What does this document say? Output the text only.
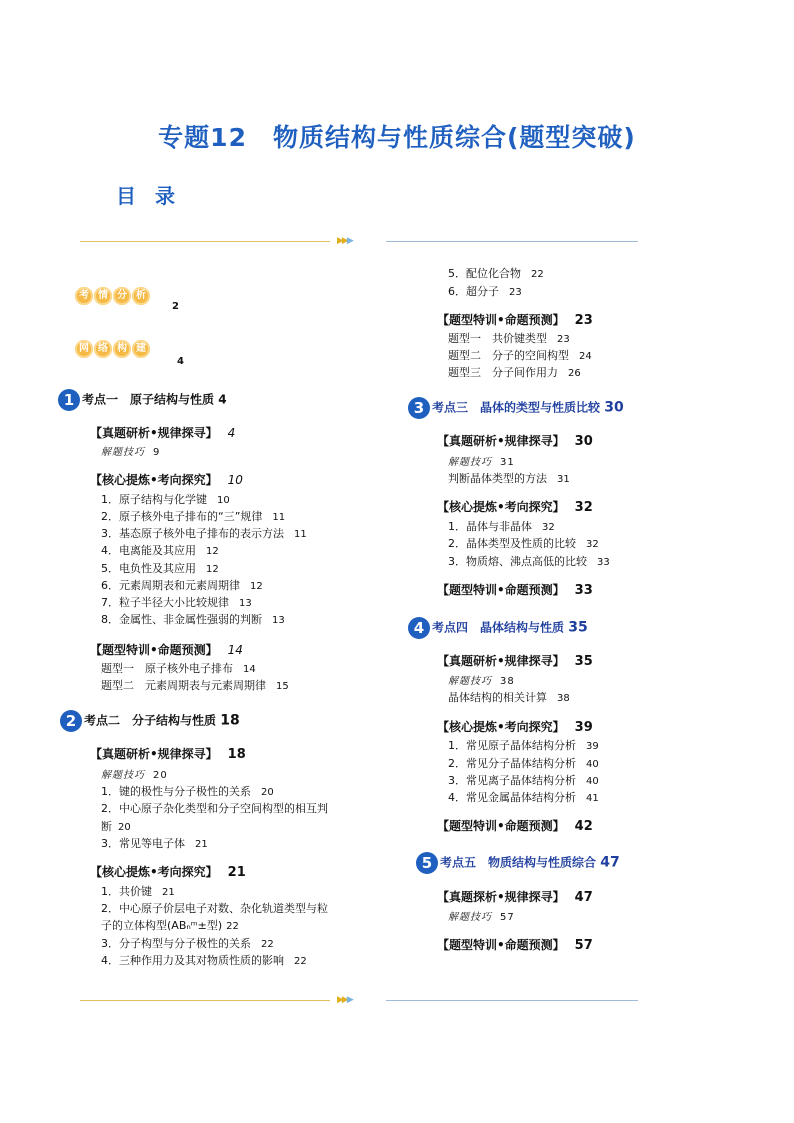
专题12　物质结构与性质综合(题型突破)
目 录
▶▶▶
考 情 分 析
2
网 络 构 建
4
1 考点一　原子结构与性质 4
【真题研析•规律探寻】 4
解题技巧 9
【核心提炼•考向探究】 10
1．原子结构与化学键 10
2．原子核外电子排布的“三”规律 11
3．基态原子核外电子排布的表示方法 11
4．电离能及其应用 12
5．电负性及其应用 12
6．元素周期表和元素周期律 12
7．粒子半径大小比较规律 13
8．金属性、非金属性强弱的判断 13
【题型特训•命题预测】 14
题型一　原子核外电子排布 14
题型二　元素周期表与元素周期律 15
2 考点二　分子结构与性质 18
【真题研析•规律探寻】 18
解题技巧 20
1．键的极性与分子极性的关系 20
2．中心原子杂化类型和分子空间构型的相互判
断 20
3．常见等电子体 21
【核心提炼•考向探究】 21
1．共价键 21
2．中心原子价层电子对数、杂化轨道类型与粒
子的立体构型(ABₙᵐ±型) 22
3．分子构型与分子极性的关系 22
4．三种作用力及其对物质性质的影响 22
5．配位化合物 22
6．超分子 23
【题型特训•命题预测】 23
题型一　共价键类型 23
题型二　分子的空间构型 24
题型三　分子间作用力 26
3 考点三　晶体的类型与性质比较 30
【真题研析•规律探寻】 30
解题技巧 31
判断晶体类型的方法 31
【核心提炼•考向探究】 32
1．晶体与非晶体 32
2．晶体类型及性质的比较 32
3．物质熔、沸点高低的比较 33
【题型特训•命题预测】 33
4 考点四　晶体结构与性质 35
【真题研析•规律探寻】 35
解题技巧 38
晶体结构的相关计算 38
【核心提炼•考向探究】 39
1．常见原子晶体结构分析 39
2．常见分子晶体结构分析 40
3．常见离子晶体结构分析 40
4．常见金属晶体结构分析 41
【题型特训•命题预测】 42
5 考点五　物质结构与性质综合 47
【真题探析•规律探寻】 47
解题技巧 57
【题型特训•命题预测】 57
▶▶▶
